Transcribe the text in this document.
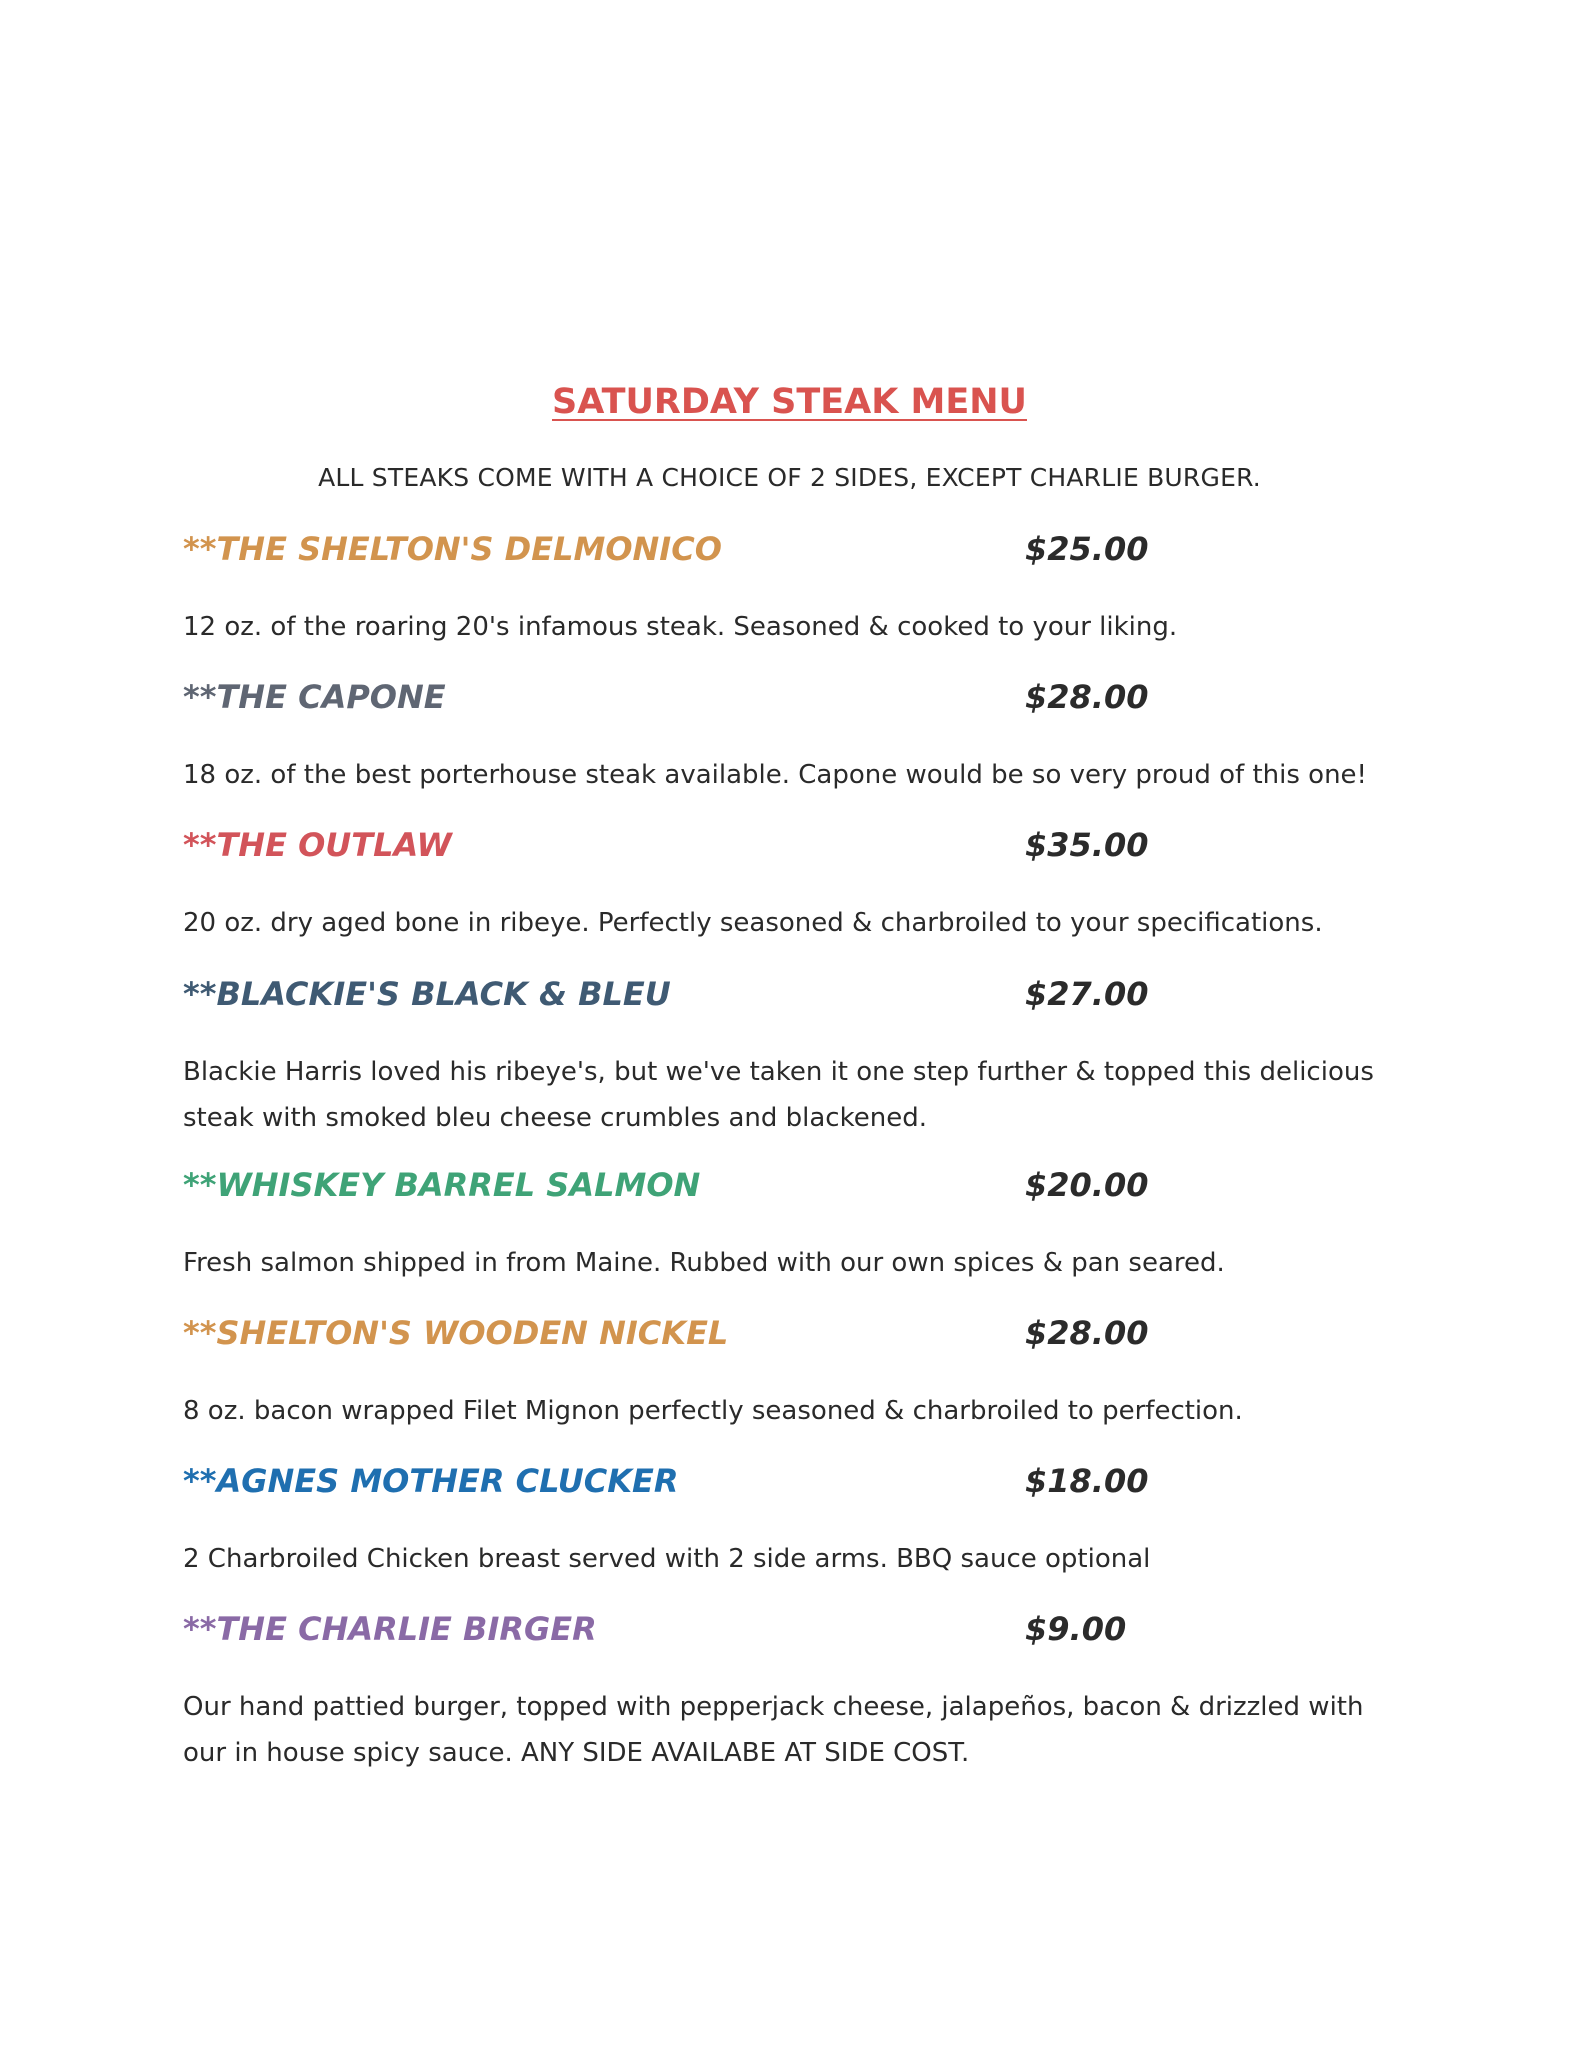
SATURDAY STEAK MENU
ALL STEAKS COME WITH A CHOICE OF 2 SIDES, EXCEPT CHARLIE BURGER.
**THE SHELTON'S DELMONICO	$25.00
12 oz. of the roaring 20's infamous steak. Seasoned & cooked to your liking.
**THE CAPONE	$28.00
18 oz. of the best porterhouse steak available. Capone would be so very proud of this one!
**THE OUTLAW	$35.00
20 oz. dry aged bone in ribeye. Perfectly seasoned & charbroiled to your specifications.
**BLACKIE'S BLACK & BLEU	$27.00
Blackie Harris loved his ribeye's, but we've taken it one step further & topped this delicious steak with smoked bleu cheese crumbles and blackened.
**WHISKEY BARREL SALMON	$20.00
Fresh salmon shipped in from Maine. Rubbed with our own spices & pan seared.
**SHELTON'S WOODEN NICKEL	$28.00
8 oz. bacon wrapped Filet Mignon perfectly seasoned & charbroiled to perfection.
**AGNES MOTHER CLUCKER	$18.00
2 Charbroiled Chicken breast served with 2 side arms. BBQ sauce optional
**THE CHARLIE BIRGER	$9.00
Our hand pattied burger, topped with pepperjack cheese, jalapeños, bacon & drizzled with our in house spicy sauce. ANY SIDE AVAILABE AT SIDE COST.
